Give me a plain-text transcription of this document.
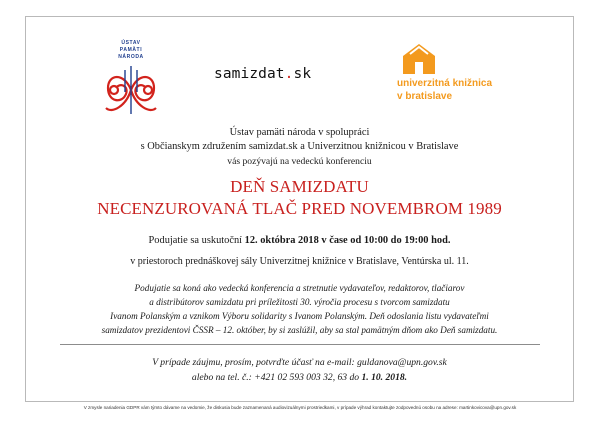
ÚSTAV
PAMÄTI
NÁRODA
samizdat.sk
univerzitná knižnica
v bratislave
Ústav pamäti národa v spolupráci
s Občianskym združením samizdat.sk a Univerzitnou knižnicou v Bratislave
vás pozývajú na vedeckú konferenciu
DEŇ SAMIZDATU
NECENZUROVANÁ TLAČ PRED NOVEMBROM 1989
Podujatie sa uskutoční 12. októbra 2018 v čase od 10:00 do 19:00 hod.
v priestoroch prednáškovej sály Univerzitnej knižnice v Bratislave, Ventúrska ul. 11.
Podujatie sa koná ako vedecká konferencia a stretnutie vydavateľov, redaktorov, tlačiarov
a distribútorov samizdatu pri príležitosti 30. výročia procesu s tvorcom samizdatu
Ivanom Polanským a vznikom Výboru solidarity s Ivanom Polanským. Deň odoslania listu vydavateľmi
samizdatov prezidentovi ČSSR – 12. október, by si zaslúžil, aby sa stal pamätným dňom ako Deň samizdatu.
V prípade záujmu, prosím, potvrďte účasť na e-mail: guldanova@upn.gov.sk
alebo na tel. č.: +421 02 593 003 32, 63 do 1. 10. 2018.
V zmysle nariadenia GDPR vám týmto dávame na vedomie, že diskusia bude zaznamenaná audiovizuálnymi prostriedkami, v prípade výhrad kontaktujte zodpovednú osobu na adrese: martinkovicova@upn.gov.sk
